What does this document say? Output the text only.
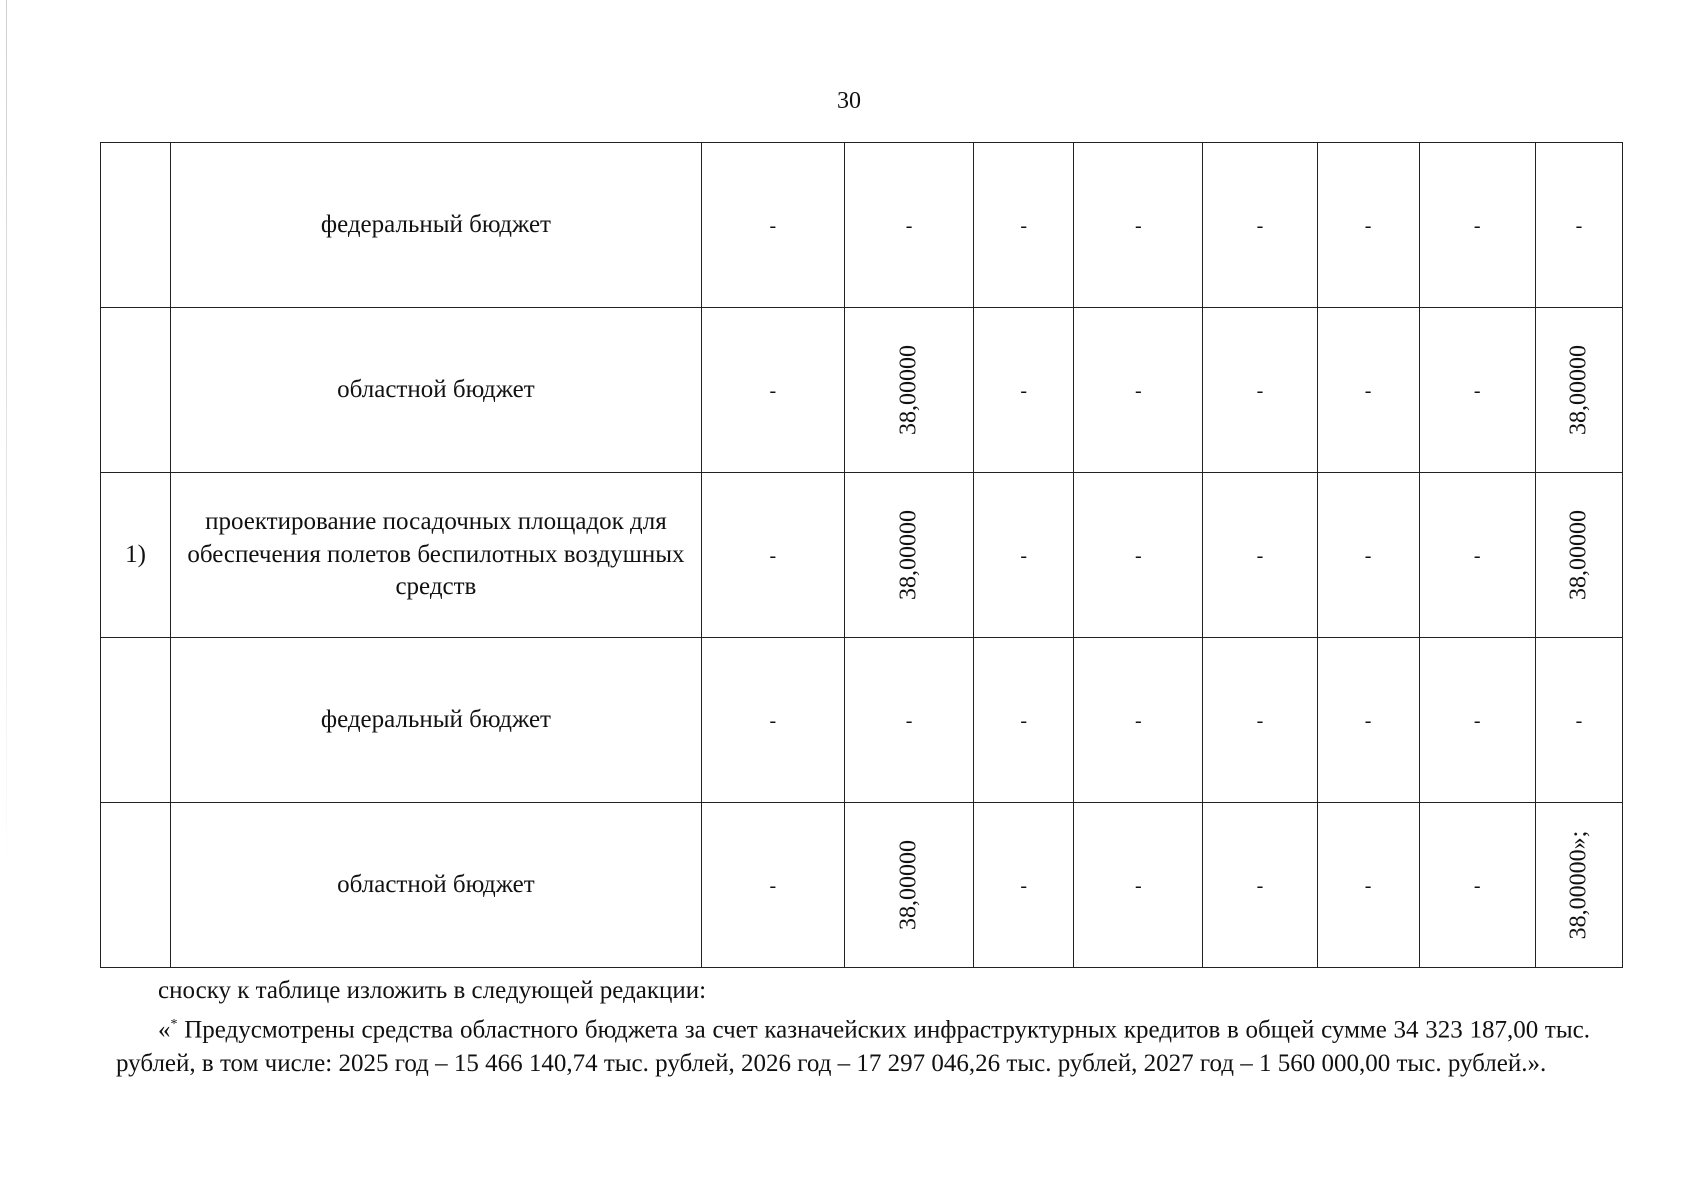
30
	федеральный бюджет	-	-	-	-	-	-	-	-
	областной бюджет	-	38,00000	-	-	-	-	-	38,00000

1)	проектирование посадочных площадок для обеспечения полетов беспилотных воздушных средств	-	38,00000	-	-	-	-	-	38,00000

	федеральный бюджет	-	-	-	-	-	-	-	-
	областной бюджет	-	38,00000	-	-	-	-	-	38,00000»;
сноску к таблице изложить в следующей редакции:
«* Предусмотрены средства областного бюджета за счет казначейских инфраструктурных кредитов в общей сумме 34 323 187,00 тыс. рублей, в том числе: 2025 год – 15 466 140,74 тыс. рублей, 2026 год – 17 297 046,26 тыс. рублей, 2027 год – 1 560 000,00 тыс. рублей.».
